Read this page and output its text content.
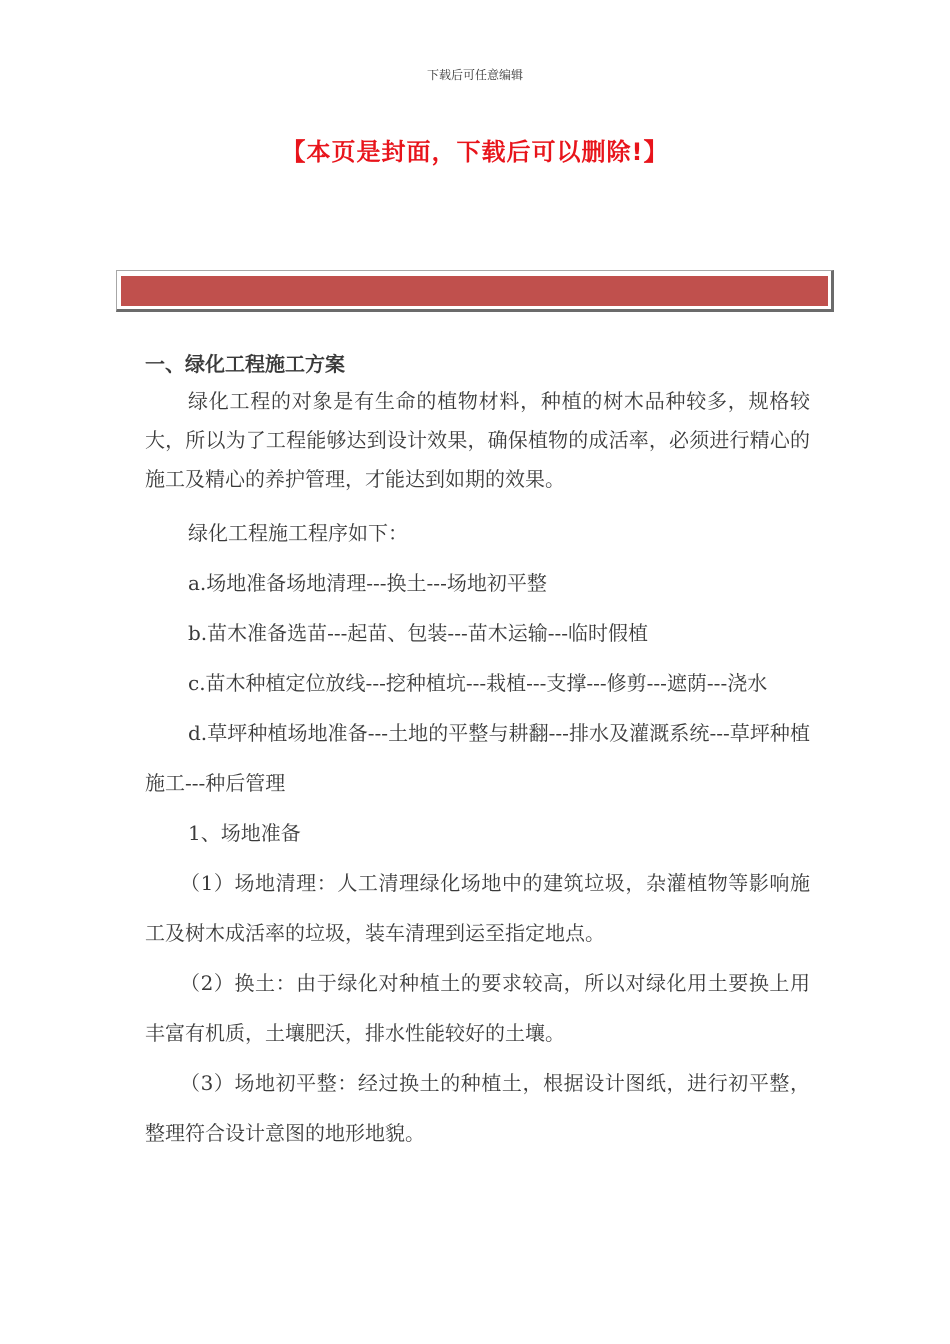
下载后可任意编辑
【本页是封面，下载后可以删除!】
一、绿化工程施工方案

绿化工程的对象是有生命的植物材料，种植的树木品种较多，规格较大，所以为了工程能够达到设计效果，确保植物的成活率，必须进行精心的施工及精心的养护管理，才能达到如期的效果。

绿化工程施工程序如下：

a.场地准备场地清理---换土---场地初平整

b.苗木准备选苗---起苗、包装---苗木运输---临时假植

c.苗木种植定位放线---挖种植坑---栽植---支撑---修剪---遮荫---浇水

d.草坪种植场地准备---土地的平整与耕翻---排水及灌溉系统---草坪种植施工---种后管理

1、场地准备

（1）场地清理：人工清理绿化场地中的建筑垃圾，杂灌植物等影响施工及树木成活率的垃圾，装车清理到运至指定地点。

（2）换土：由于绿化对种植土的要求较高，所以对绿化用土要换上用丰富有机质，土壤肥沃，排水性能较好的土壤。

（3）场地初平整：经过换土的种植土，根据设计图纸，进行初平整，整理符合设计意图的地形地貌。
